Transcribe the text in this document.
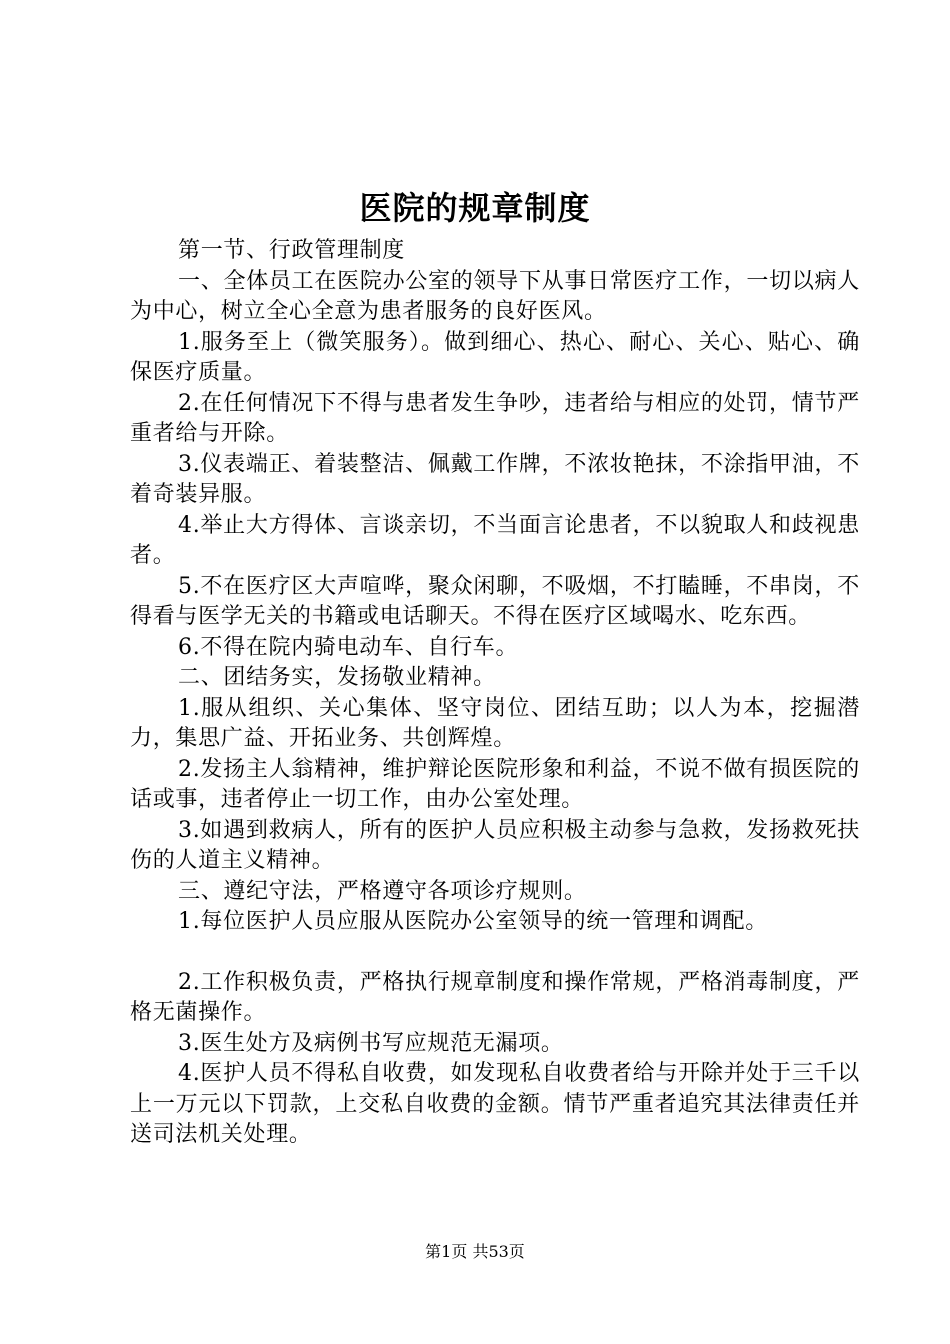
医院的规章制度

第一节、行政管理制度

一、全体员工在医院办公室的领导下从事日常医疗工作，一切以病人为中心，树立全心全意为患者服务的良好医风。

1.服务至上（微笑服务）。做到细心、热心、耐心、关心、贴心、确保医疗质量。

2.在任何情况下不得与患者发生争吵，违者给与相应的处罚，情节严重者给与开除。

3.仪表端正、着装整洁、佩戴工作牌，不浓妆艳抹，不涂指甲油，不着奇装异服。

4.举止大方得体、言谈亲切，不当面言论患者，不以貌取人和歧视患者。

5.不在医疗区大声喧哗，聚众闲聊，不吸烟，不打瞌睡，不串岗，不得看与医学无关的书籍或电话聊天。不得在医疗区域喝水、吃东西。

6.不得在院内骑电动车、自行车。

二、团结务实，发扬敬业精神。

1.服从组织、关心集体、坚守岗位、团结互助；以人为本，挖掘潜力，集思广益、开拓业务、共创辉煌。

2.发扬主人翁精神，维护辩论医院形象和利益，不说不做有损医院的话或事，违者停止一切工作，由办公室处理。

3.如遇到救病人，所有的医护人员应积极主动参与急救，发扬救死扶伤的人道主义精神。

三、遵纪守法，严格遵守各项诊疗规则。

1.每位医护人员应服从医院办公室领导的统一管理和调配。

2.工作积极负责，严格执行规章制度和操作常规，严格消毒制度，严格无菌操作。

3.医生处方及病例书写应规范无漏项。

4.医护人员不得私自收费，如发现私自收费者给与开除并处于三千以上一万元以下罚款，上交私自收费的金额。情节严重者追究其法律责任并送司法机关处理。

第1页 共53页
